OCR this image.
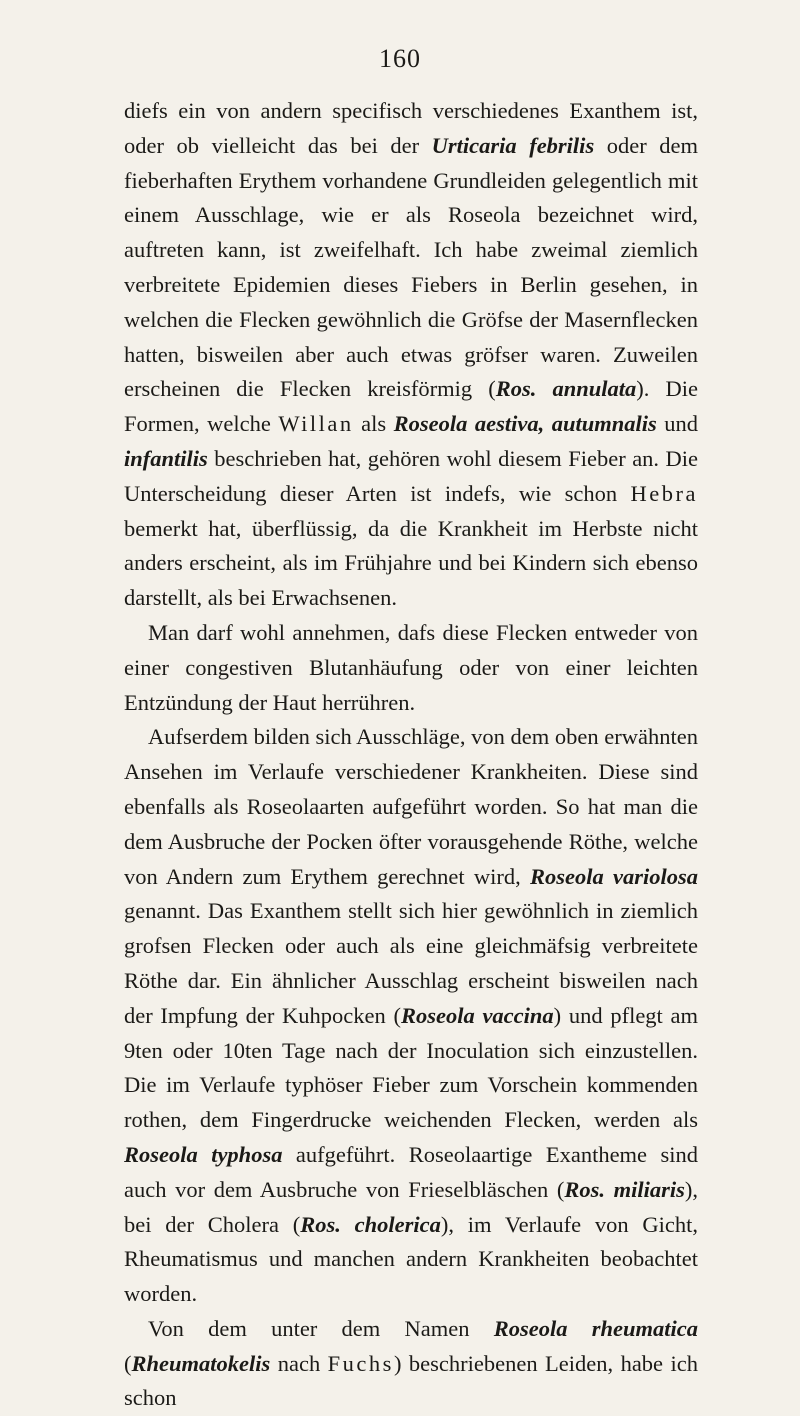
160

diefs ein von andern specifisch verschiedenes Exanthem ist, oder ob vielleicht das bei der Urticaria febrilis oder dem fieberhaften Erythem vorhandene Grundleiden gelegentlich mit einem Ausschlage, wie er als Roseola bezeichnet wird, auftreten kann, ist zweifelhaft. Ich habe zweimal ziemlich verbreitete Epidemien dieses Fiebers in Berlin gesehen, in welchen die Flecken gewöhnlich die Gröfse der Masernflecken hatten, bisweilen aber auch etwas gröfser waren. Zuweilen erscheinen die Flecken kreisförmig (Ros. annulata). Die Formen, welche Willan als Roseola aestiva, autumnalis und infantilis beschrieben hat, gehören wohl diesem Fieber an. Die Unterscheidung dieser Arten ist indefs, wie schon Hebra bemerkt hat, überflüssig, da die Krankheit im Herbste nicht anders erscheint, als im Frühjahre und bei Kindern sich ebenso darstellt, als bei Erwachsenen.

Man darf wohl annehmen, dafs diese Flecken entweder von einer congestiven Blutanhäufung oder von einer leichten Entzündung der Haut herrühren.

Aufserdem bilden sich Ausschläge, von dem oben erwähnten Ansehen im Verlaufe verschiedener Krankheiten. Diese sind ebenfalls als Roseolaarten aufgeführt worden. So hat man die dem Ausbruche der Pocken öfter vorausgehende Röthe, welche von Andern zum Erythem gerechnet wird, Roseola variolosa genannt. Das Exanthem stellt sich hier gewöhnlich in ziemlich grofsen Flecken oder auch als eine gleichmäfsig verbreitete Röthe dar. Ein ähnlicher Ausschlag erscheint bisweilen nach der Impfung der Kuhpocken (Roseola vaccina) und pflegt am 9ten oder 10ten Tage nach der Inoculation sich einzustellen. Die im Verlaufe typhöser Fieber zum Vorschein kommenden rothen, dem Fingerdrucke weichenden Flecken, werden als Roseola typhosa aufgeführt. Roseolaartige Exantheme sind auch vor dem Ausbruche von Frieselbläschen (Ros. miliaris), bei der Cholera (Ros. cholerica), im Verlaufe von Gicht, Rheumatismus und manchen andern Krankheiten beobachtet worden.

Von dem unter dem Namen Roseola rheumatica (Rheumatokelis nach Fuchs) beschriebenen Leiden, habe ich schon
